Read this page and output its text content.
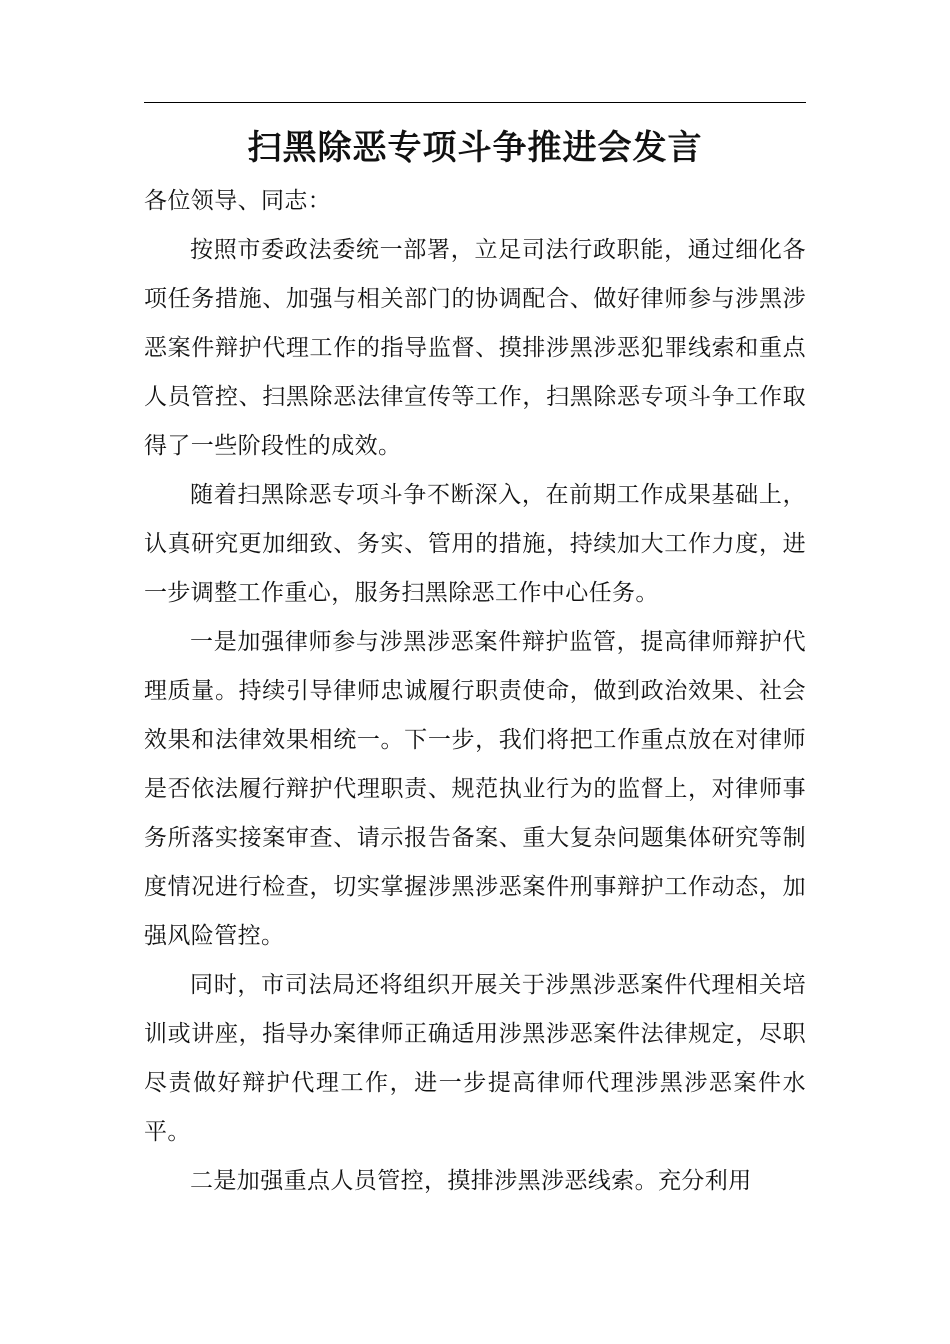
扫黑除恶专项斗争推进会发言

各位领导、同志：

按照市委政法委统一部署，立足司法行政职能，通过细化各项任务措施、加强与相关部门的协调配合、做好律师参与涉黑涉恶案件辩护代理工作的指导监督、摸排涉黑涉恶犯罪线索和重点人员管控、扫黑除恶法律宣传等工作，扫黑除恶专项斗争工作取得了一些阶段性的成效。

随着扫黑除恶专项斗争不断深入，在前期工作成果基础上，认真研究更加细致、务实、管用的措施，持续加大工作力度，进一步调整工作重心，服务扫黑除恶工作中心任务。

一是加强律师参与涉黑涉恶案件辩护监管，提高律师辩护代理质量。持续引导律师忠诚履行职责使命，做到政治效果、社会效果和法律效果相统一。下一步，我们将把工作重点放在对律师是否依法履行辩护代理职责、规范执业行为的监督上，对律师事务所落实接案审查、请示报告备案、重大复杂问题集体研究等制度情况进行检查，切实掌握涉黑涉恶案件刑事辩护工作动态，加强风险管控。

同时，市司法局还将组织开展关于涉黑涉恶案件代理相关培训或讲座，指导办案律师正确适用涉黑涉恶案件法律规定，尽职尽责做好辩护代理工作，进一步提高律师代理涉黑涉恶案件水平。

二是加强重点人员管控，摸排涉黑涉恶线索。充分利用
